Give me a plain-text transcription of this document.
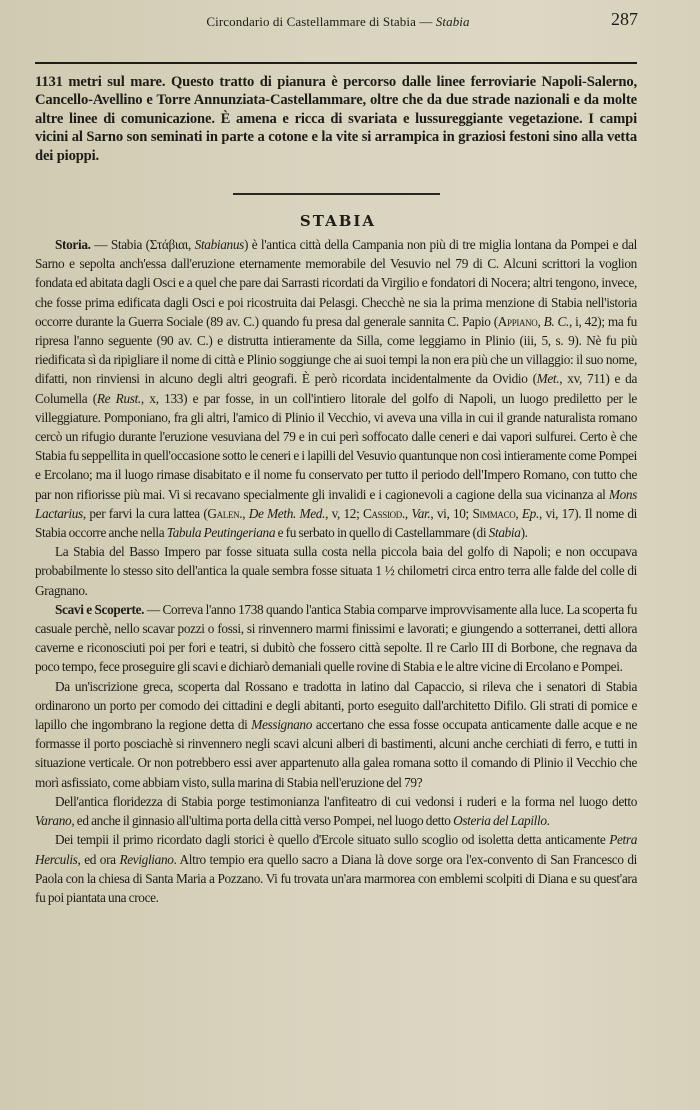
Circondario di Castellammare di Stabia — Stabia	287

1131 metri sul mare. Questo tratto di pianura è percorso dalle linee ferroviarie Napoli-Salerno, Cancello-Avellino e Torre Annunziata-Castellammare, oltre che da due strade nazionali e da molte altre linee di comunicazione. È amena e ricca di svariata e lussureggiante vegetazione. I campi vicini al Sarno son seminati in parte a cotone e la vite si arrampica in graziosi festoni sino alla vetta dei pioppi.

STABIA

Storia. — Stabia (Στάβιαι, Stabianus) è l'antica città della Campania non più di tre miglia lontana da Pompei e dal Sarno e sepolta anch'essa dall'eruzione eternamente memorabile del Vesuvio nel 79 di C. Alcuni scrittori la voglion fondata ed abitata dagli Osci e a quel che pare dai Sarrasti ricordati da Virgilio e fondatori di Nocera; altri tengono, invece, che fosse prima edificata dagli Osci e poi ricostruita dai Pelasgi. Checchè ne sia la prima menzione di Stabia nell'istoria occorre durante la Guerra Sociale (89 av. C.) quando fu presa dal generale sannita C. Papio (Appiano, B. C., i, 42); ma fu ripresa l'anno seguente (90 av. C.) e distrutta intieramente da Silla, come leggiamo in Plinio (iii, 5, s. 9). Nè fu più riedificata sì da ripigliare il nome di città e Plinio soggiunge che ai suoi tempi la non era più che un villaggio: il suo nome, difatti, non rinviensi in alcuno degli altri geografi. È però ricordata incidentalmente da Ovidio (Met., xv, 711) e da Columella (Re Rust., x, 133) e par fosse, in un coll'intiero litorale del golfo di Napoli, un luogo prediletto per le villeggiature. Pomponiano, fra gli altri, l'amico di Plinio il Vecchio, vi aveva una villa in cui il grande naturalista romano cercò un rifugio durante l'eruzione vesuviana del 79 e in cui perì soffocato dalle ceneri e dai vapori sulfurei. Certo è che Stabia fu seppellita in quell'occasione sotto le ceneri e i lapilli del Vesuvio quantunque non così intieramente come Pompei e Ercolano; ma il luogo rimase disabitato e il nome fu conservato per tutto il periodo dell'Impero Romano, con tutto che par non rifiorisse più mai. Vi si recavano specialmente gli invalidi e i cagionevoli a cagione della sua vicinanza al Mons Lactarius, per farvi la cura lattea (Galen., De Meth. Med., v, 12; Cassiod., Var., vi, 10; Simmaco, Ep., vi, 17). Il nome di Stabia occorre anche nella Tabula Peutingeriana e fu serbato in quello di Castellammare (di Stabia).

La Stabia del Basso Impero par fosse situata sulla costa nella piccola baia del golfo di Napoli; e non occupava probabilmente lo stesso sito dell'antica la quale sembra fosse situata 1 ½ chilometri circa entro terra alle falde del colle di Gragnano.

Scavi e Scoperte. — Correva l'anno 1738 quando l'antica Stabia comparve improvvisamente alla luce. La scoperta fu casuale perchè, nello scavar pozzi o fossi, si rinvennero marmi finissimi e lavorati; e giungendo a sotterranei, detti allora caverne e riconosciuti poi per fori e teatri, si dubitò che fossero città sepolte. Il re Carlo III di Borbone, che regnava da poco tempo, fece proseguire gli scavi e dichiarò demaniali quelle rovine di Stabia e le altre vicine di Ercolano e Pompei.

Da un'iscrizione greca, scoperta dal Rossano e tradotta in latino dal Capaccio, si rileva che i senatori di Stabia ordinarono un porto per comodo dei cittadini e degli abitanti, porto eseguito dall'architetto Difilo. Gli strati di pomice e lapillo che ingombrano la regione detta di Messignano accertano che essa fosse occupata anticamente dalle acque e ne formasse il porto posciachè si rinvennero negli scavi alcuni alberi di bastimenti, alcuni anche cerchiati di ferro, e tutti in situazione verticale. Or non potrebbero essi aver appartenuto alla galea romana sotto il comando di Plinio il Vecchio che morì asfissiato, come abbiam visto, sulla marina di Stabia nell'eruzione del 79?

Dell'antica floridezza di Stabia porge testimonianza l'anfiteatro di cui vedonsi i ruderi e la forma nel luogo detto Varano, ed anche il ginnasio all'ultima porta della città verso Pompei, nel luogo detto Osteria del Lapillo.

Dei tempii il primo ricordato dagli storici è quello d'Ercole situato sullo scoglio od isoletta detta anticamente Petra Herculis, ed ora Revigliano. Altro tempio era quello sacro a Diana là dove sorge ora l'ex-convento di San Francesco di Paola con la chiesa di Santa Maria a Pozzano. Vi fu trovata un'ara marmorea con emblemi scolpiti di Diana e su quest'ara fu poi piantata una croce.
